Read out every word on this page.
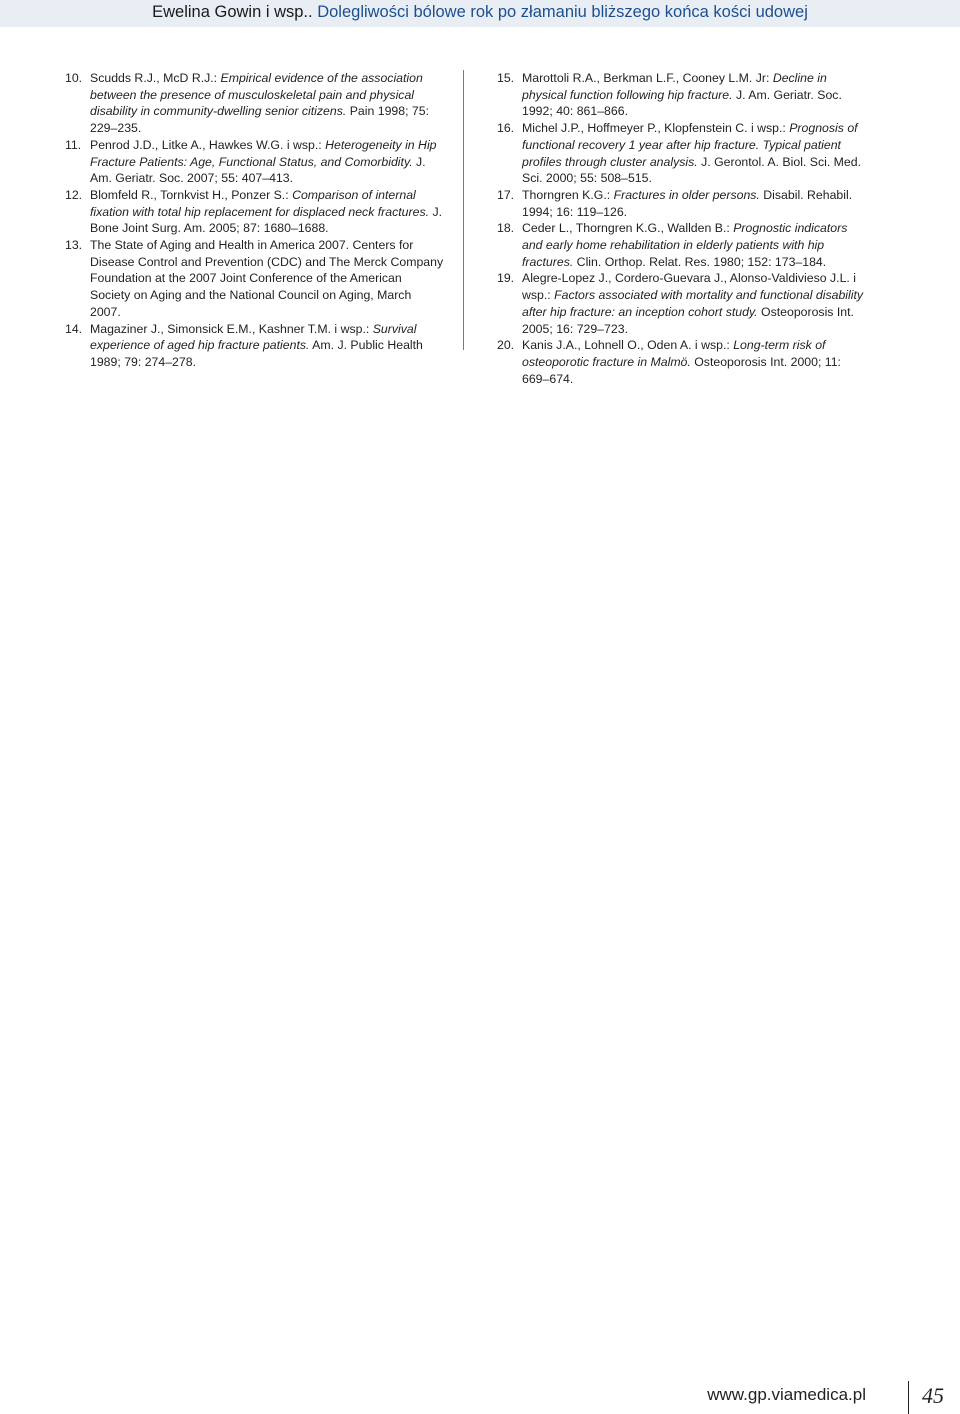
Ewelina Gowin i wsp.. Dolegliwości bólowe rok po złamaniu bliższego końca kości udowej

10. Scudds R.J., McD R.J.: Empirical evidence of the association between the presence of musculoskeletal pain and physical disability in community-dwelling senior citizens. Pain 1998; 75: 229–235.

11. Penrod J.D., Litke A., Hawkes W.G. i wsp.: Heterogeneity in Hip Fracture Patients: Age, Functional Status, and Comorbidity. J. Am. Geriatr. Soc. 2007; 55: 407–413.

12. Blomfeld R., Tornkvist H., Ponzer S.: Comparison of internal fixation with total hip replacement for displaced neck fractures. J. Bone Joint Surg. Am. 2005; 87: 1680–1688.

13. The State of Aging and Health in America 2007. Centers for Disease Control and Prevention (CDC) and The Merck Company Foundation at the 2007 Joint Conference of the American Society on Aging and the National Council on Aging, March 2007.

14. Magaziner J., Simonsick E.M., Kashner T.M. i wsp.: Survival experience of aged hip fracture patients. Am. J. Public Health 1989; 79: 274–278.

15. Marottoli R.A., Berkman L.F., Cooney L.M. Jr: Decline in physical function following hip fracture. J. Am. Geriatr. Soc. 1992; 40: 861–866.

16. Michel J.P., Hoffmeyer P., Klopfenstein C. i wsp.: Prognosis of functional recovery 1 year after hip fracture. Typical patient profiles through cluster analysis. J. Gerontol. A. Biol. Sci. Med. Sci. 2000; 55: 508–515.

17. Thorngren K.G.: Fractures in older persons. Disabil. Rehabil. 1994; 16: 119–126.

18. Ceder L., Thorngren K.G., Wallden B.: Prognostic indicators and early home rehabilitation in elderly patients with hip fractures. Clin. Orthop. Relat. Res. 1980; 152: 173–184.

19. Alegre-Lopez J., Cordero-Guevara J., Alonso-Valdivieso J.L. i wsp.: Factors associated with mortality and functional disability after hip fracture: an inception cohort study. Osteoporosis Int. 2005; 16: 729–723.

20. Kanis J.A., Lohnell O., Oden A. i wsp.: Long-term risk of osteoporotic fracture in Malmö. Osteoporosis Int. 2000; 11: 669–674.

www.gp.viamedica.pl	45
